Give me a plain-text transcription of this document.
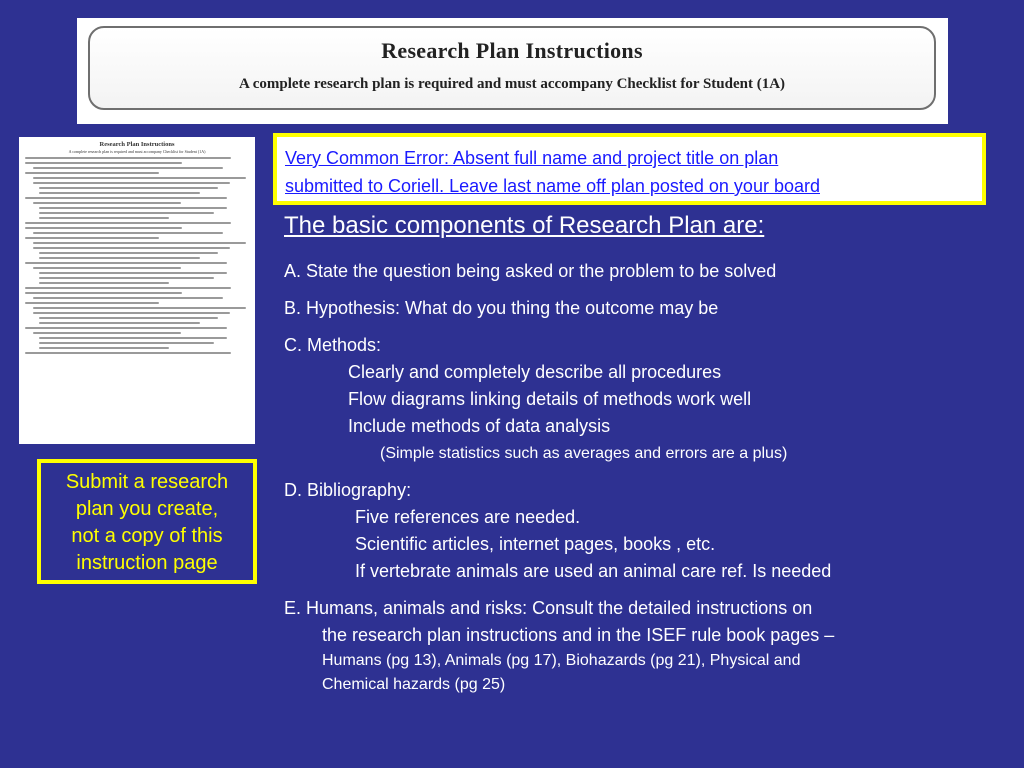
Research Plan Instructions
A complete research plan is required and must accompany Checklist for Student (1A)
Research Plan Instructions
A complete research plan is required and must accompany Checklist for Student (1A)
Submit a research
plan you create,
not a copy of this
instruction page
Very Common Error: Absent full name and project title on plan
submitted to Coriell. Leave last name off plan posted on your board
The basic components of Research Plan are:
A. State the question being asked or the problem to be solved
B. Hypothesis: What do you thing the outcome may be
C. Methods:
Clearly and completely describe all procedures
Flow diagrams linking details of methods work well
Include methods of data analysis
(Simple statistics such as averages and errors are a plus)
D. Bibliography:
Five references are needed.
Scientific articles, internet pages, books , etc.
If vertebrate animals are used an animal care ref. Is needed
E. Humans, animals and risks: Consult the detailed instructions on
the research plan instructions and in the ISEF rule book pages –
Humans (pg 13), Animals (pg 17), Biohazards (pg 21), Physical and
Chemical hazards (pg 25)
